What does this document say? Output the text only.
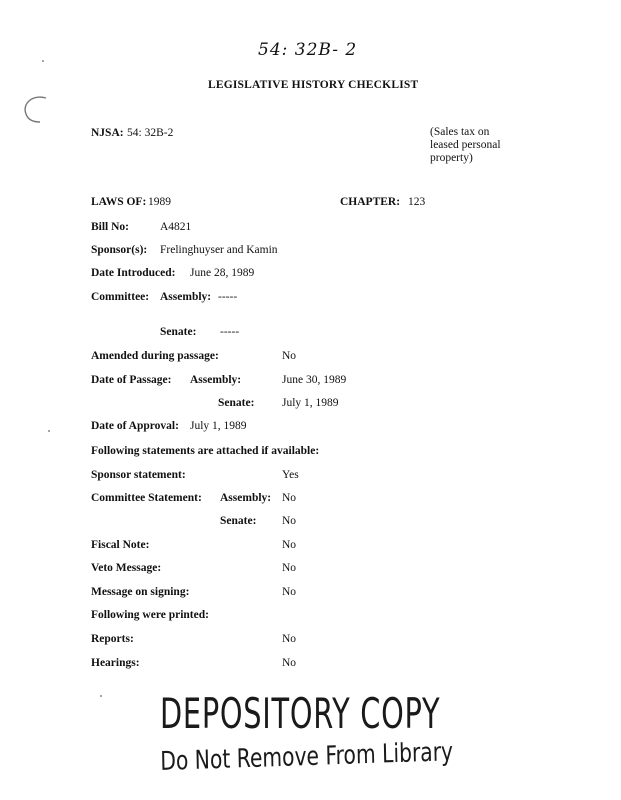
54: 32B- 2
LEGISLATIVE HISTORY CHECKLIST
NJSA: 54: 32B-2	(Sales tax on
leased personal
property)
LAWS OF: 1989	CHAPTER: 123
Bill No:	A4821
Sponsor(s): Frelinghuyser and Kamin
Date Introduced: June 28, 1989
Committee: Assembly: -----
Senate: -----
Amended during passage:	No
Date of Passage: Assembly:	June 30, 1989
Senate: July 1, 1989
Date of Approval: July 1, 1989
Following statements are attached if available:
Sponsor statement:	Yes
Committee Statement: Assembly: No
Senate: No
Fiscal Note:	No
Veto Message:	No
Message on signing:	No
Following were printed:
Reports:	No
Hearings:	No
DEPOSITORY COPY
Do Not Remove From Library
